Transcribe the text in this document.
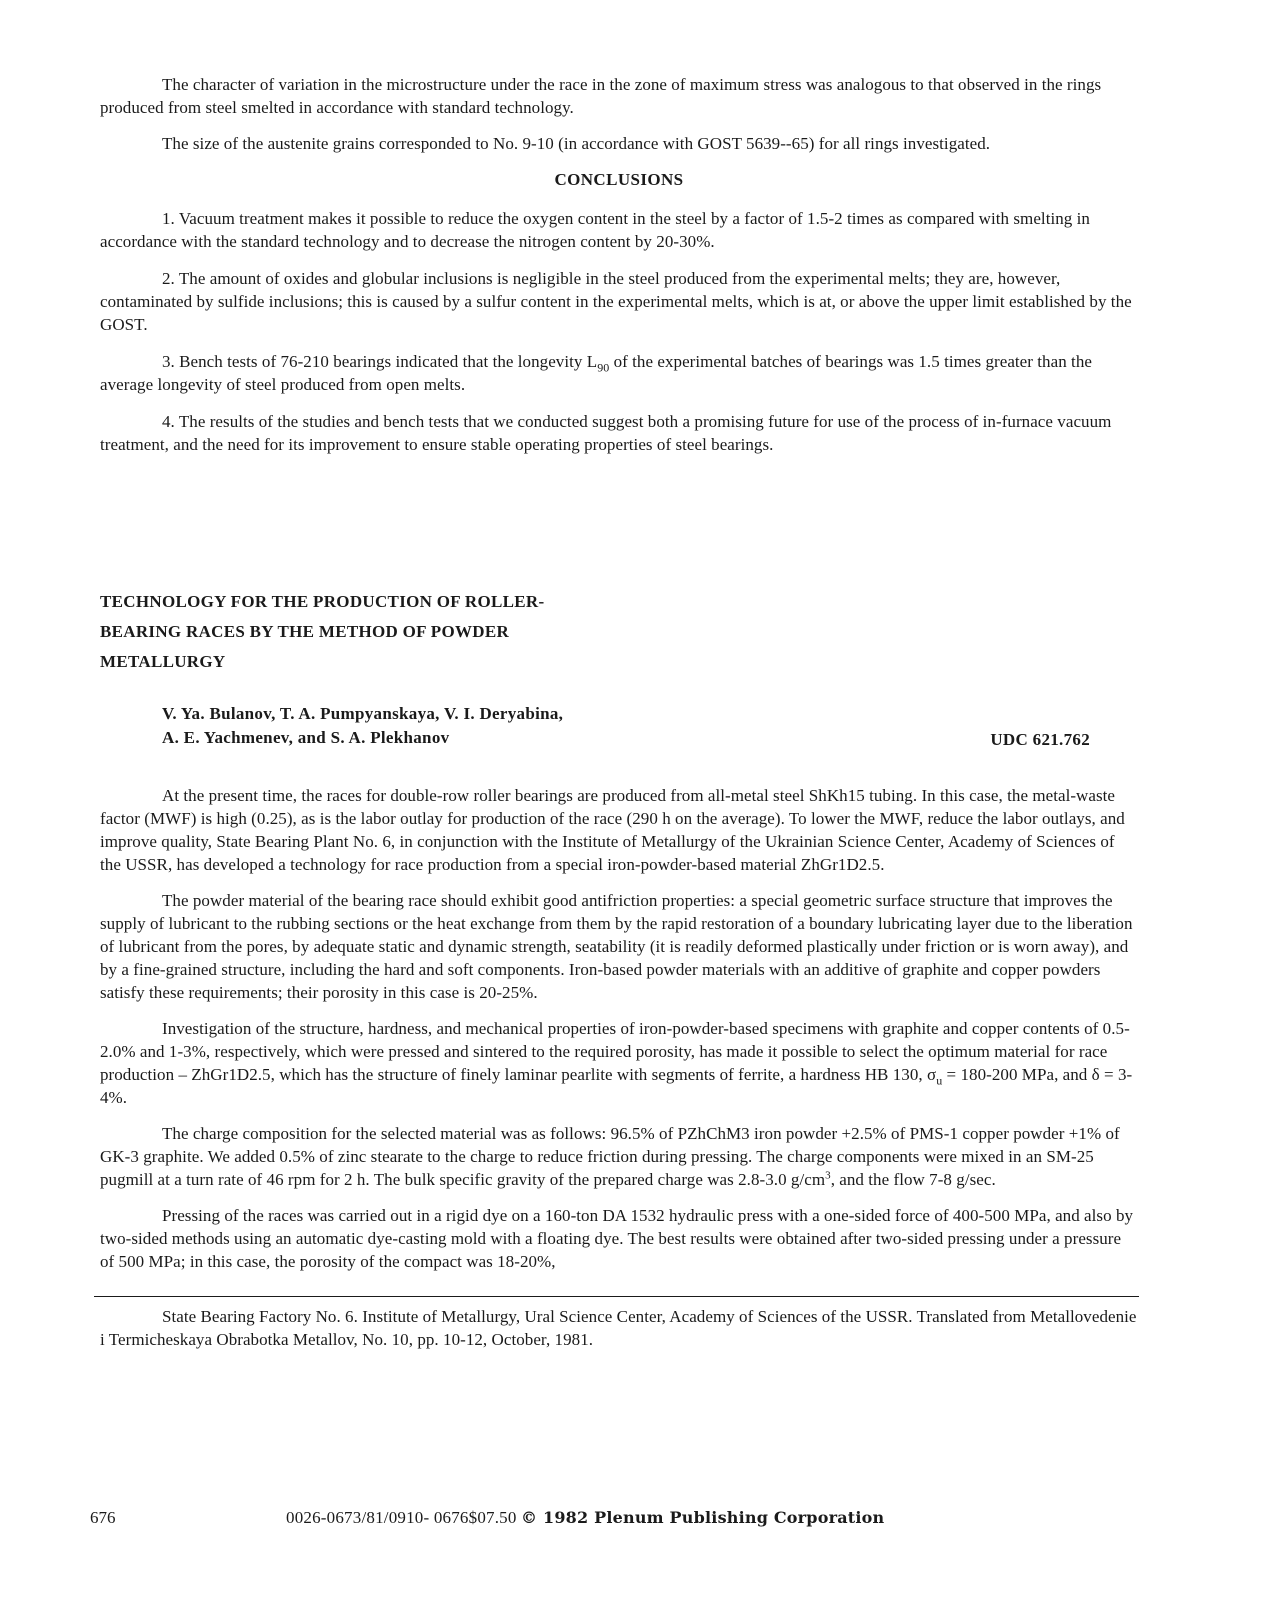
The character of variation in the microstructure under the race in the zone of maximum stress was analogous to that observed in the rings produced from steel smelted in accordance with standard technology.

The size of the austenite grains corresponded to No. 9-10 (in accordance with GOST 5639--65) for all rings investigated.

CONCLUSIONS

1. Vacuum treatment makes it possible to reduce the oxygen content in the steel by a factor of 1.5-2 times as compared with smelting in accordance with the standard technology and to decrease the nitrogen content by 20-30%.

2. The amount of oxides and globular inclusions is negligible in the steel produced from the experimental melts; they are, however, contaminated by sulfide inclusions; this is caused by a sulfur content in the experimental melts, which is at, or above the upper limit established by the GOST.

3. Bench tests of 76-210 bearings indicated that the longevity $L_{90}$ of the experimental batches of bearings was 1.5 times greater than the average longevity of steel produced from open melts.

4. The results of the studies and bench tests that we conducted suggest both a promising future for use of the process of in-furnace vacuum treatment, and the need for its improvement to ensure stable operating properties of steel bearings.

TECHNOLOGY FOR THE PRODUCTION OF ROLLER-
BEARING RACES BY THE METHOD OF POWDER
METALLURGY
V. Ya. Bulanov, T. A. Pumpyanskaya, V. I. Deryabina,
A. E. Yachmenev, and S. A. Plekhanov	UDC 621.762

At the present time, the races for double-row roller bearings are produced from all-metal steel ShKh15 tubing. In this case, the metal-waste factor (MWF) is high (0.25), as is the labor outlay for production of the race (290 h on the average). To lower the MWF, reduce the labor outlays, and improve quality, State Bearing Plant No. 6, in conjunction with the Institute of Metallurgy of the Ukrainian Science Center, Academy of Sciences of the USSR, has developed a technology for race production from a special iron-powder-based material ZhGr1D2.5.

The powder material of the bearing race should exhibit good antifriction properties: a special geometric surface structure that improves the supply of lubricant to the rubbing sections or the heat exchange from them by the rapid restoration of a boundary lubricating layer due to the liberation of lubricant from the pores, by adequate static and dynamic strength, seatability (it is readily deformed plastically under friction or is worn away), and by a fine-grained structure, including the hard and soft components. Iron-based powder materials with an additive of graphite and copper powders satisfy these requirements; their porosity in this case is 20-25%.

Investigation of the structure, hardness, and mechanical properties of iron-powder-based specimens with graphite and copper contents of 0.5-2.0% and 1-3%, respectively, which were pressed and sintered to the required porosity, has made it possible to select the optimum material for race production – ZhGr1D2.5, which has the structure of finely laminar pearlite with segments of ferrite, a hardness HB 130, $\sigma_u = 180-200$ MPa, and δ = 3-4%.

The charge composition for the selected material was as follows: 96.5% of PZhChM3 iron powder +2.5% of PMS-1 copper powder +1% of GK-3 graphite. We added 0.5% of zinc stearate to the charge to reduce friction during pressing. The charge components were mixed in an SM-25 pugmill at a turn rate of 46 rpm for 2 h. The bulk specific gravity of the prepared charge was 2.8-3.0 $g/cm^3$, and the flow 7-8 g/sec.

Pressing of the races was carried out in a rigid dye on a 160-ton DA 1532 hydraulic press with a one-sided force of 400-500 MPa, and also by two-sided methods using an automatic dye-casting mold with a floating dye. The best results were obtained after two-sided pressing under a pressure of 500 MPa; in this case, the porosity of the compact was 18-20%,

State Bearing Factory No. 6. Institute of Metallurgy, Ural Science Center, Academy of Sciences of the USSR. Translated from Metallovedenie i Termicheskaya Obrabotka Metallov, No. 10, pp. 10-12, October, 1981.

676	0026-0673/81/0910- 0676$07.50 © 1982 Plenum Publishing Corporation
